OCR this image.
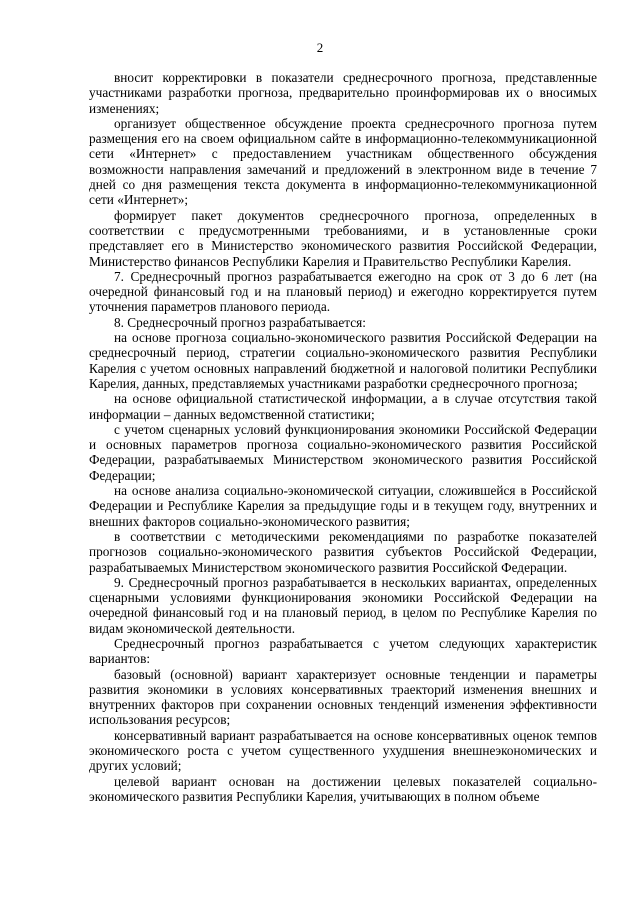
2

вносит корректировки в показатели среднесрочного прогноза, представленные участниками разработки прогноза, предварительно проинформировав их о вносимых изменениях;

организует общественное обсуждение проекта среднесрочного прогноза путем размещения его на своем официальном сайте в информационно-телекоммуникационной сети «Интернет» с предоставлением участникам общественного обсуждения возможности направления замечаний и предложений в электронном виде в течение 7 дней со дня размещения текста документа в информационно-телекоммуникационной сети «Интернет»;

формирует пакет документов среднесрочного прогноза, определенных в соответствии с предусмотренными требованиями, и в установленные сроки представляет его в Министерство экономического развития Российской Федерации, Министерство финансов Республики Карелия и Правительство Республики Карелия.

7. Среднесрочный прогноз разрабатывается ежегодно на срок от 3 до 6 лет (на очередной финансовый год и на плановый период) и ежегодно корректируется путем уточнения параметров планового периода.

8. Среднесрочный прогноз разрабатывается:

на основе прогноза социально-экономического развития Российской Федерации на среднесрочный период, стратегии социально-экономического развития Республики Карелия с учетом основных направлений бюджетной и налоговой политики Республики Карелия, данных, представляемых участниками разработки среднесрочного прогноза;

на основе официальной статистической информации, а в случае отсутствия такой информации – данных ведомственной статистики;

с учетом сценарных условий функционирования экономики Российской Федерации и основных параметров прогноза социально-экономического развития Российской Федерации, разрабатываемых Министерством экономического развития Российской Федерации;

на основе анализа социально-экономической ситуации, сложившейся в Российской Федерации и Республике Карелия за предыдущие годы и в текущем году, внутренних и внешних факторов социально-экономического развития;

в соответствии с методическими рекомендациями по разработке показателей прогнозов социально-экономического развития субъектов Российской Федерации, разрабатываемых Министерством экономического развития Российской Федерации.

9. Среднесрочный прогноз разрабатывается в нескольких вариантах, определенных сценарными условиями функционирования экономики Российской Федерации на очередной финансовый год и на плановый период, в целом по Республике Карелия по видам экономической деятельности.

Среднесрочный прогноз разрабатывается с учетом следующих характеристик вариантов:

базовый (основной) вариант характеризует основные тенденции и параметры развития экономики в условиях консервативных траекторий изменения внешних и внутренних факторов при сохранении основных тенденций изменения эффективности использования ресурсов;

консервативный вариант разрабатывается на основе консервативных оценок темпов экономического роста с учетом существенного ухудшения внешнеэкономических и других условий;

целевой вариант основан на достижении целевых показателей социально-экономического развития Республики Карелия, учитывающих в полном объеме
